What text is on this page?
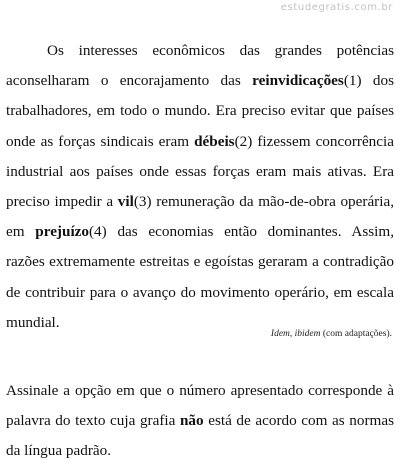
estudegratis.com.br

Os interesses econômicos das grandes potências aconselharam o encorajamento das reinvidicações(1) dos trabalhadores, em todo o mundo. Era preciso evitar que países onde as forças sindicais eram débeis(2) fizessem concorrência industrial aos países onde essas forças eram mais ativas. Era preciso impedir a vil(3) remuneração da mão-de-obra operária, em prejuízo(4) das economias então dominantes. Assim, razões extremamente estreitas e egoístas geraram a contradição de contribuir para o avanço do movimento operário, em escala mundial.

Idem, ibidem (com adaptações).

Assinale a opção em que o número apresentado corresponde à palavra do texto cuja grafia não está de acordo com as normas da língua padrão.
